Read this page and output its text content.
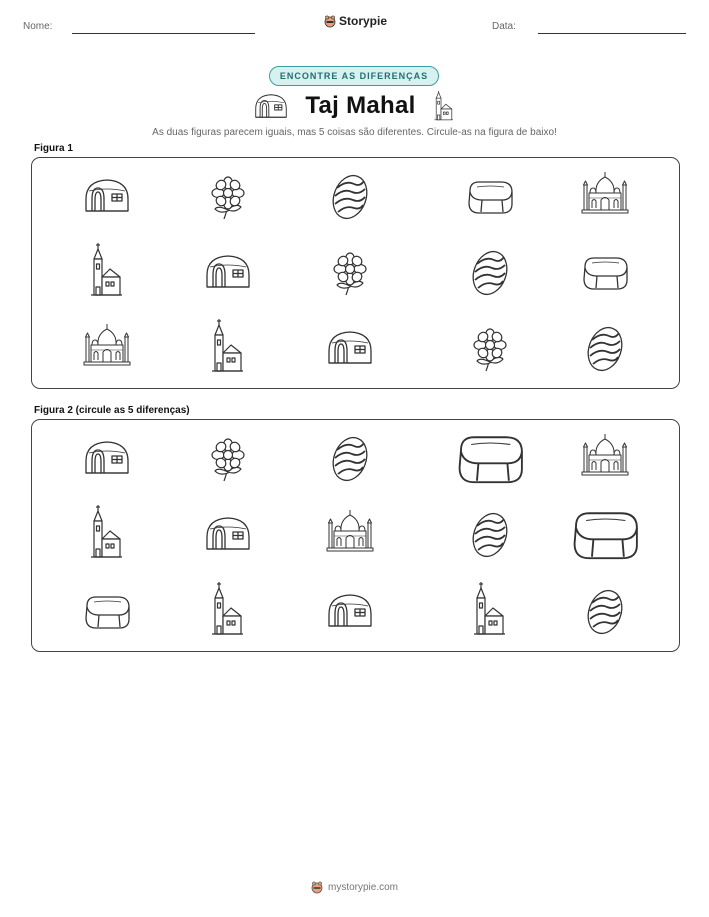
Nome:	Storypie	Data:
ENCONTRE AS DIFERENÇAS
Taj Mahal
As duas figuras parecem iguais, mas 5 coisas são diferentes. Circule-as na figura de baixo!
Figura 1
Figura 2 (circule as 5 diferenças)
mystorypie.com
